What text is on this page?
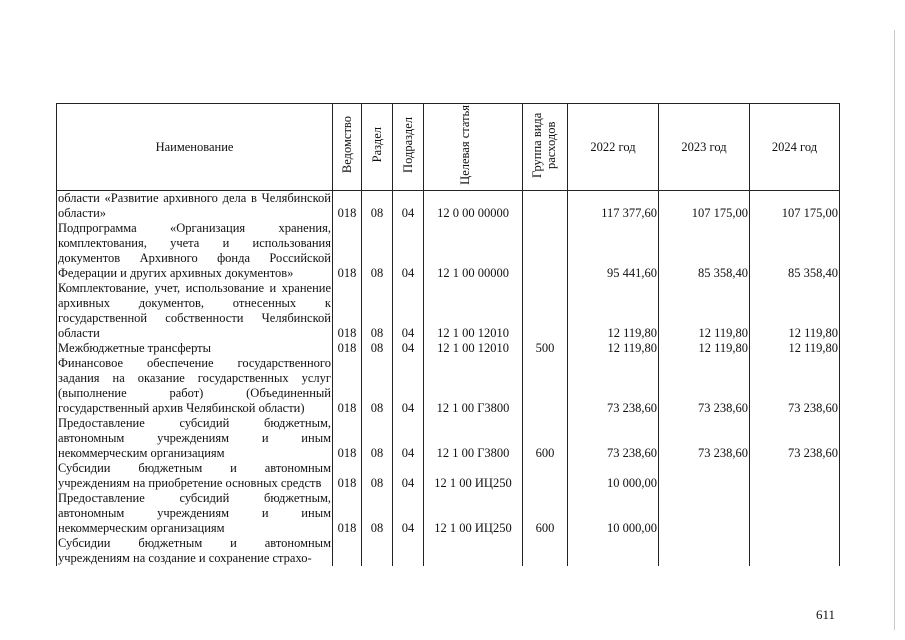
Наименование	Ведомство	Раздел	Подраздел	Целевая статья	Группа вида расходов	2022 год	2023 год	2024 год
области «Развитие архивного дела в Челябинской области»	018	08	04	12 0 00 00000		117 377,60	107 175,00	107 175,00
Подпрограмма «Организация хранения, комплектования, учета и использования документов Архивного фонда Российской Федерации и других архивных документов»	018	08	04	12 1 00 00000		95 441,60	85 358,40	85 358,40
Комплектование, учет, использование и хранение архивных документов, отнесенных к государственной собственности Челябинской области	018	08	04	12 1 00 12010		12 119,80	12 119,80	12 119,80
Межбюджетные трансферты	018	08	04	12 1 00 12010	500	12 119,80	12 119,80	12 119,80
Финансовое обеспечение государственного задания на оказание государственных услуг (выполнение работ) (Объединенный государственный архив Челябинской области)	018	08	04	12 1 00 Г3800		73 238,60	73 238,60	73 238,60
Предоставление субсидий бюджетным, автономным учреждениям и иным некоммерческим организациям	018	08	04	12 1 00 Г3800	600	73 238,60	73 238,60	73 238,60
Субсидии бюджетным и автономным учреждениям на приобретение основных средств	018	08	04	12 1 00 ИЦ250		10 000,00		
Предоставление субсидий бюджетным, автономным учреждениям и иным некоммерческим организациям	018	08	04	12 1 00 ИЦ250	600	10 000,00		
Субсидии бюджетным и автономным учреждениям на создание и сохранение страхо-								
611
